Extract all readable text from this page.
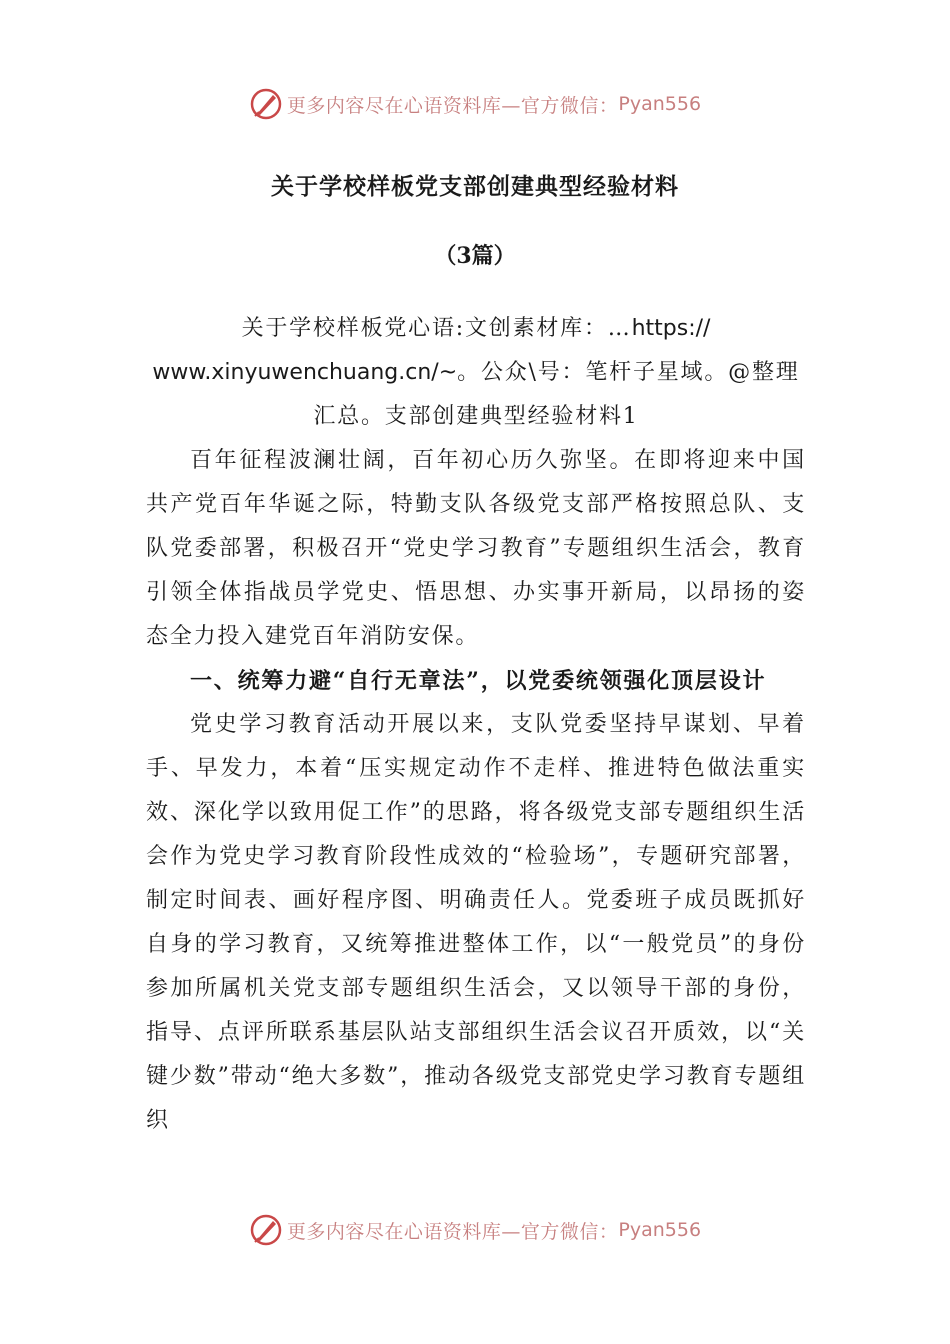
更多内容尽在心语资料库—官方微信： Pyan556
关于学校样板党支部创建典型经验材料
（3篇）

关于学校样板党心语:文创素材库：…https://

www.xinyuwenchuang.cn/~。公众\号：笔杆子星域。@整理

汇总。支部创建典型经验材料1

百年征程波澜壮阔，百年初心历久弥坚。在即将迎来中国共产党百年华诞之际，特勤支队各级党支部严格按照总队、支队党委部署，积极召开“党史学习教育”专题组织生活会，教育引领全体指战员学党史、悟思想、办实事开新局，以昂扬的姿态全力投入建党百年消防安保。

一、统筹力避“自行无章法”，以党委统领强化顶层设计

党史学习教育活动开展以来，支队党委坚持早谋划、早着手、早发力，本着“压实规定动作不走样、推进特色做法重实效、深化学以致用促工作”的思路，将各级党支部专题组织生活会作为党史学习教育阶段性成效的“检验场”，专题研究部署，制定时间表、画好程序图、明确责任人。党委班子成员既抓好自身的学习教育，又统筹推进整体工作，以“一般党员”的身份参加所属机关党支部专题组织生活会，又以领导干部的身份，指导、点评所联系基层队站支部组织生活会议召开质效，以“关键少数”带动“绝大多数”，推动各级党支部党史学习教育专题组织

更多内容尽在心语资料库—官方微信： Pyan556
